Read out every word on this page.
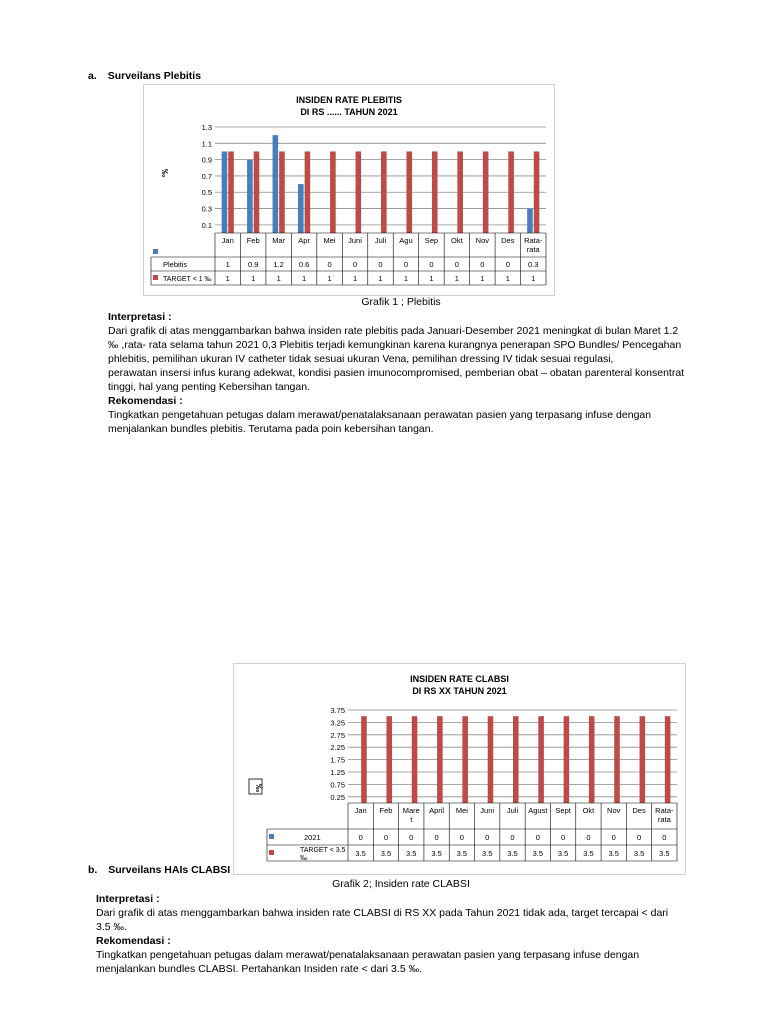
a. Surveilans Plebitis
INSIDEN RATE PLEBITIS
DI RS ...... TAHUN 2021
0.1
0.3
0.5
0.7
0.9
1.1
1.3
‰
Jan Feb Mar Apr Mei Juni Juli Agu Sep Okt Nov Des Rata-
rata
Plebitis	1 0.9 1.2 0.6 0	0	0	0	0	0	0	0 0.3
TARGET < 1 ‰ 1	1	1	1	1	1	1	1	1	1	1	1	1
Grafik 1 ; Plebitis
Interpretasi :
Dari grafik di atas menggambarkan bahwa insiden rate plebitis pada Januari-Desember 2021 meningkat di bulan Maret 1.2
‰ ,rata- rata selama tahun 2021 0,3 Plebitis terjadi kemungkinan karena kurangnya penerapan SPO Bundles/ Pencegahan
phlebitis, pemilihan ukuran IV catheter tidak sesuai ukuran Vena, pemilihan dressing IV tidak sesuai regulasi,
perawatan insersi infus kurang adekwat, kondisi pasien imunocompromised, pemberian obat – obatan parenteral konsentrat
tinggi, hal yang penting Kebersihan tangan.
Rekomendasi :
Tingkatkan pengetahuan petugas dalam merawat/penatalaksanaan perawatan pasien yang terpasang infuse dengan
menjalankan bundles plebitis. Terutama pada poin kebersihan tangan.
b. Surveilans HAIs CLABSI
INSIDEN RATE CLABSI
DI RS XX TAHUN 2021
0.25
0.75
1.25
1.75
2.25
2.75
3.25
3.75
‰
Jan Feb Mare
t
April Mei Juni Juli Agust Sept Okt Nov Des Rata-
rata
2021	0	0	0	0	0	0	0	0	0	0	0	0	0
TARGET < 3.5
‰
3.5 3.5 3.5 3.5 3.5 3.5 3.5 3.5 3.5 3.5 3.5 3.5 3.5
Grafik 2; Insiden rate CLABSI
Interpretasi :
Dari grafik di atas menggambarkan bahwa insiden rate CLABSI di RS XX pada Tahun 2021 tidak ada, target tercapai < dari
3.5 ‰.
Rekomendasi :
Tingkatkan pengetahuan petugas dalam merawat/penatalaksanaan perawatan pasien yang terpasang infuse dengan
menjalankan bundles CLABSI. Pertahankan Insiden rate < dari 3.5 ‰.
